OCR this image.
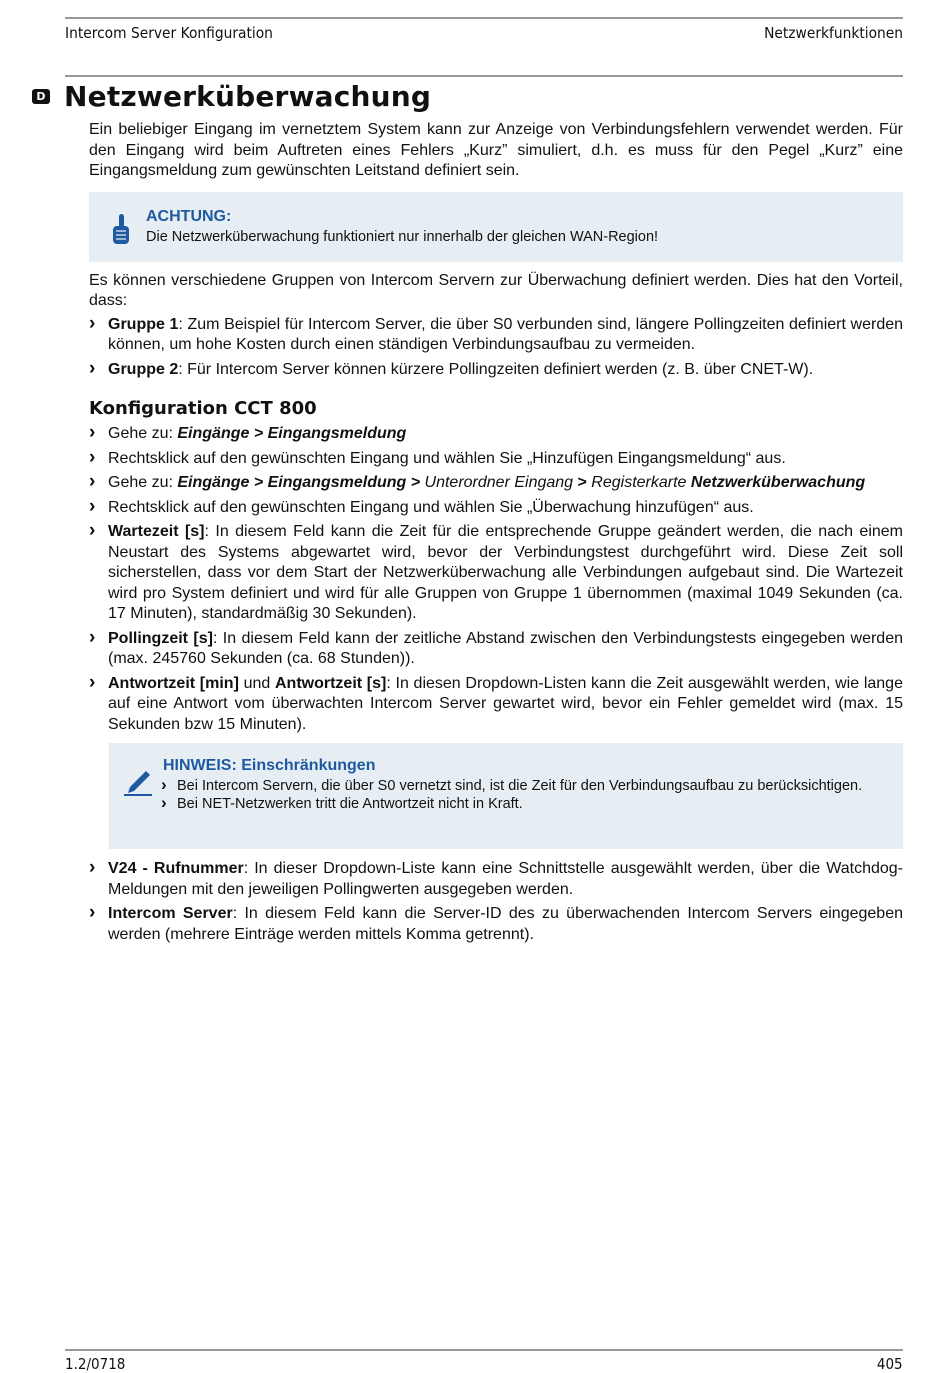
Intercom Server Konfiguration	Netzwerkfunktionen
D Netzwerküberwachung

Ein beliebiger Eingang im vernetztem System kann zur Anzeige von Verbindungsfehlern verwendet werden. Für den Eingang wird beim Auftreten eines Fehlers „Kurz” simuliert, d.h. es muss für den Pegel „Kurz” eine Eingangsmeldung zum gewünschten Leitstand definiert sein.

ACHTUNG:
Die Netzwerküberwachung funktioniert nur innerhalb der gleichen WAN-Region!

Es können verschiedene Gruppen von Intercom Servern zur Überwachung definiert werden. Dies hat den Vorteil, dass:

› Gruppe 1: Zum Beispiel für Intercom Server, die über S0 verbunden sind, längere Pollingzeiten definiert werden können, um hohe Kosten durch einen ständigen Verbindungsaufbau zu vermeiden.
› Gruppe 2: Für Intercom Server können kürzere Pollingzeiten definiert werden (z. B. über CNET-W).
Konfiguration CCT 800
› Gehe zu: Eingänge > Eingangsmeldung
› Rechtsklick auf den gewünschten Eingang und wählen Sie „Hinzufügen Eingangsmeldung“ aus.
› Gehe zu: Eingänge > Eingangsmeldung > Unterordner Eingang > Registerkarte Netzwerküberwachung
› Rechtsklick auf den gewünschten Eingang und wählen Sie „Überwachung hinzufügen“ aus.
› Wartezeit [s]: In diesem Feld kann die Zeit für die entsprechende Gruppe geändert werden, die nach einem Neustart des Systems abgewartet wird, bevor der Verbindungstest durchgeführt wird. Diese Zeit soll sicherstellen, dass vor dem Start der Netzwerküberwachung alle Verbindungen aufgebaut sind. Die Wartezeit wird pro System definiert und wird für alle Gruppen von Gruppe 1 übernommen (maximal 1049 Sekunden (ca. 17 Minuten), standardmäßig 30 Sekunden).
› Pollingzeit [s]: In diesem Feld kann der zeitliche Abstand zwischen den Verbindungstests eingegeben werden (max. 245760 Sekunden (ca. 68 Stunden)).
› Antwortzeit [min] und Antwortzeit [s]: In diesen Dropdown-Listen kann die Zeit ausgewählt werden, wie lange auf eine Antwort vom überwachten Intercom Server gewartet wird, bevor ein Fehler gemeldet wird (max. 15 Sekunden bzw 15 Minuten).
HINWEIS: Einschränkungen
› Bei Intercom Servern, die über S0 vernetzt sind, ist die Zeit für den Verbindungsaufbau zu berücksichtigen.
› Bei NET-Netzwerken tritt die Antwortzeit nicht in Kraft.
› V24 - Rufnummer: In dieser Dropdown-Liste kann eine Schnittstelle ausgewählt werden, über die Watchdog-Meldungen mit den jeweiligen Pollingwerten ausgegeben werden.
› Intercom Server: In diesem Feld kann die Server-ID des zu überwachenden Intercom Servers eingegeben werden (mehrere Einträge werden mittels Komma getrennt).
1.2/0718	405
